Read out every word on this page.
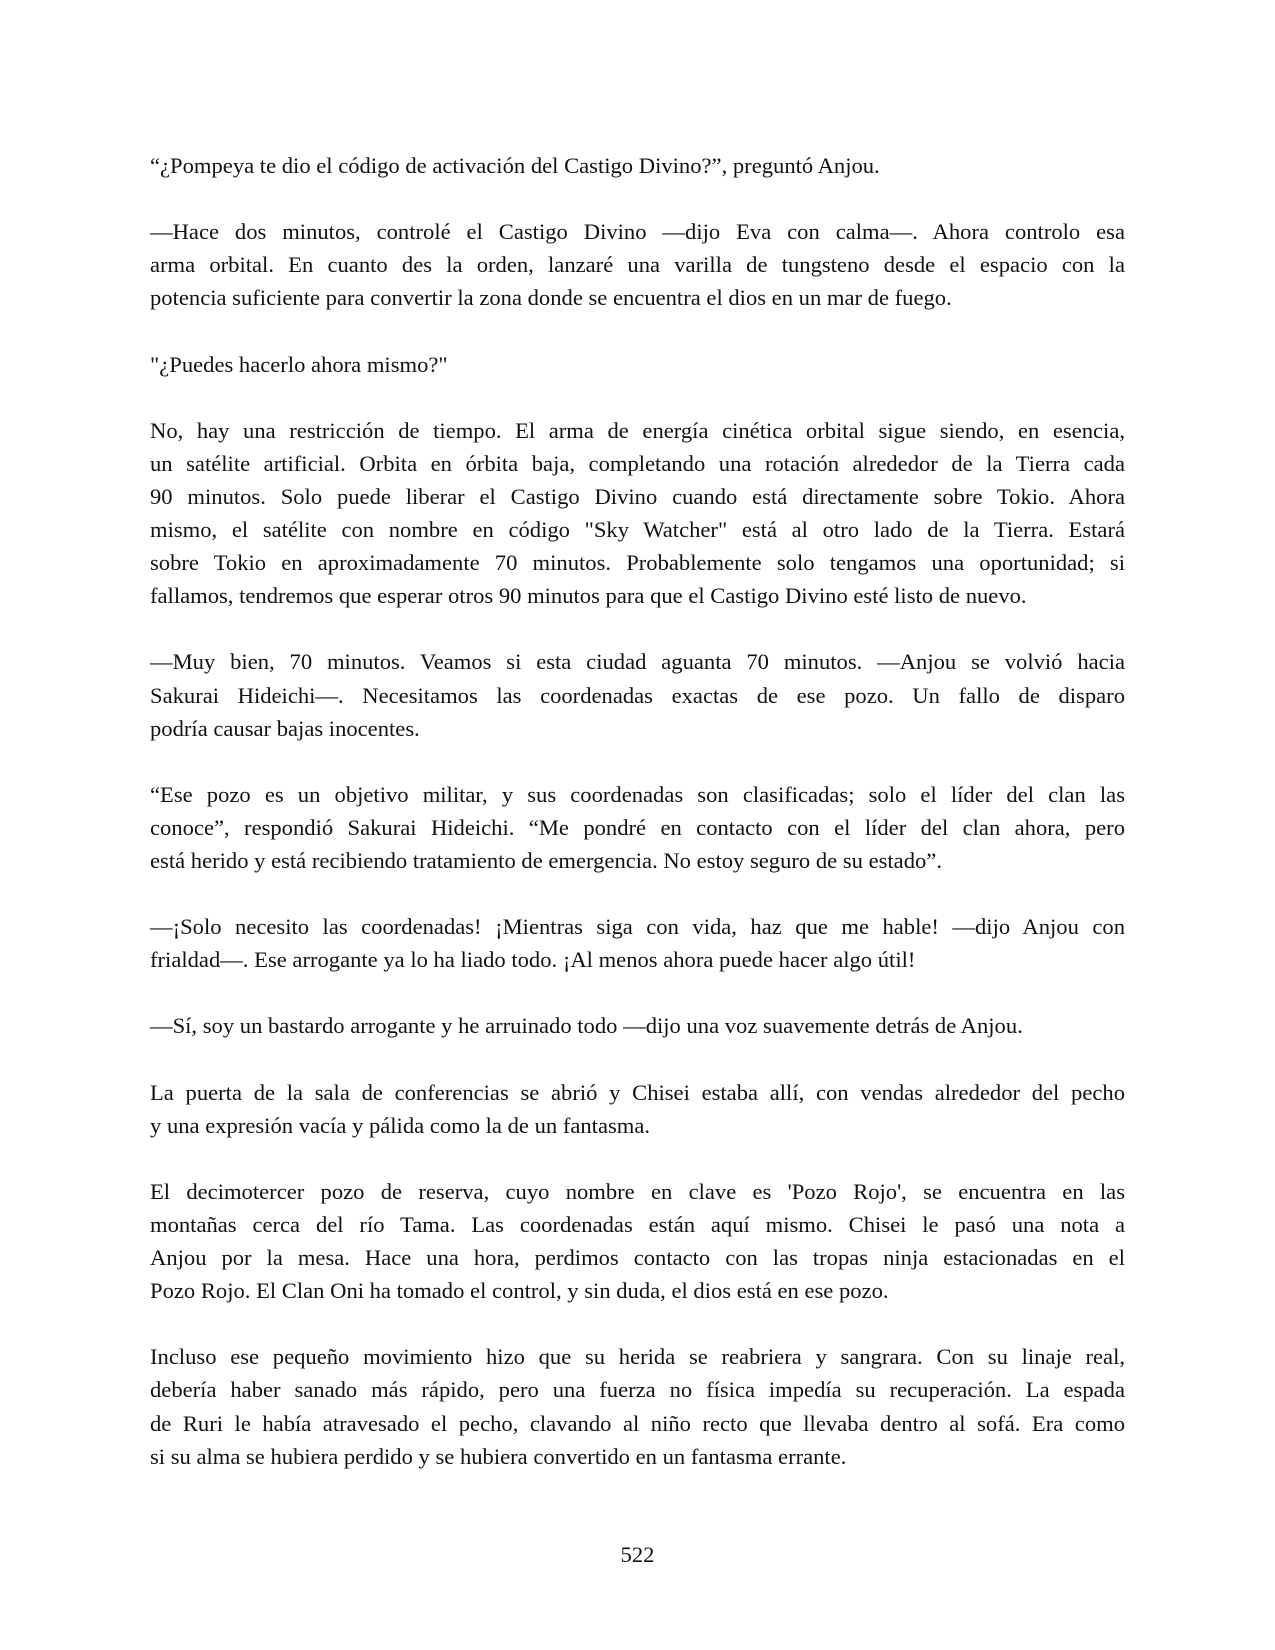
“¿Pompeya te dio el código de activación del Castigo Divino?”, preguntó Anjou.
—Hace dos minutos, controlé el Castigo Divino —dijo Eva con calma—. Ahora controlo esa
arma orbital. En cuanto des la orden, lanzaré una varilla de tungsteno desde el espacio con la
potencia suficiente para convertir la zona donde se encuentra el dios en un mar de fuego.
"¿Puedes hacerlo ahora mismo?"
No, hay una restricción de tiempo. El arma de energía cinética orbital sigue siendo, en esencia,
un satélite artificial. Orbita en órbita baja, completando una rotación alrededor de la Tierra cada
90 minutos. Solo puede liberar el Castigo Divino cuando está directamente sobre Tokio. Ahora
mismo, el satélite con nombre en código "Sky Watcher" está al otro lado de la Tierra. Estará
sobre Tokio en aproximadamente 70 minutos. Probablemente solo tengamos una oportunidad; si
fallamos, tendremos que esperar otros 90 minutos para que el Castigo Divino esté listo de nuevo.
—Muy bien, 70 minutos. Veamos si esta ciudad aguanta 70 minutos. —Anjou se volvió hacia
Sakurai Hideichi—. Necesitamos las coordenadas exactas de ese pozo. Un fallo de disparo
podría causar bajas inocentes.
“Ese pozo es un objetivo militar, y sus coordenadas son clasificadas; solo el líder del clan las
conoce”, respondió Sakurai Hideichi. “Me pondré en contacto con el líder del clan ahora, pero
está herido y está recibiendo tratamiento de emergencia. No estoy seguro de su estado”.
—¡Solo necesito las coordenadas! ¡Mientras siga con vida, haz que me hable! —dijo Anjou con
frialdad—. Ese arrogante ya lo ha liado todo. ¡Al menos ahora puede hacer algo útil!
—Sí, soy un bastardo arrogante y he arruinado todo —dijo una voz suavemente detrás de Anjou.
La puerta de la sala de conferencias se abrió y Chisei estaba allí, con vendas alrededor del pecho
y una expresión vacía y pálida como la de un fantasma.
El decimotercer pozo de reserva, cuyo nombre en clave es 'Pozo Rojo', se encuentra en las
montañas cerca del río Tama. Las coordenadas están aquí mismo. Chisei le pasó una nota a
Anjou por la mesa. Hace una hora, perdimos contacto con las tropas ninja estacionadas en el
Pozo Rojo. El Clan Oni ha tomado el control, y sin duda, el dios está en ese pozo.
Incluso ese pequeño movimiento hizo que su herida se reabriera y sangrara. Con su linaje real,
debería haber sanado más rápido, pero una fuerza no física impedía su recuperación. La espada
de Ruri le había atravesado el pecho, clavando al niño recto que llevaba dentro al sofá. Era como
si su alma se hubiera perdido y se hubiera convertido en un fantasma errante.
522
